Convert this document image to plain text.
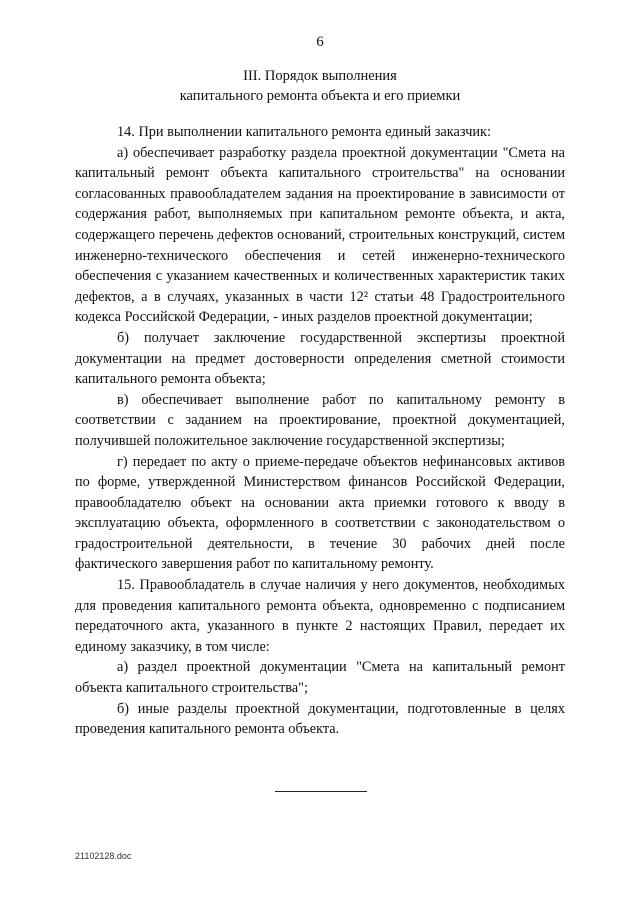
6
III. Порядок выполнения
капитального ремонта объекта и его приемки

14. При выполнении капитального ремонта единый заказчик:

а) обеспечивает разработку раздела проектной документации "Смета на капитальный ремонт объекта капитального строительства" на основании согласованных правообладателем задания на проектирование в зависимости от содержания работ, выполняемых при капитальном ремонте объекта, и акта, содержащего перечень дефектов оснований, строительных конструкций, систем инженерно-технического обеспечения и сетей инженерно-технического обеспечения с указанием качественных и количественных характеристик таких дефектов, а в случаях, указанных в части 12² статьи 48 Градостроительного кодекса Российской Федерации, - иных разделов проектной документации;

б) получает заключение государственной экспертизы проектной документации на предмет достоверности определения сметной стоимости капитального ремонта объекта;

в) обеспечивает выполнение работ по капитальному ремонту в соответствии с заданием на проектирование, проектной документацией, получившей положительное заключение государственной экспертизы;

г) передает по акту о приеме-передаче объектов нефинансовых активов по форме, утвержденной Министерством финансов Российской Федерации, правообладателю объект на основании акта приемки готового к вводу в эксплуатацию объекта, оформленного в соответствии с законодательством о градостроительной деятельности, в течение 30 рабочих дней после фактического завершения работ по капитальному ремонту.

15. Правообладатель в случае наличия у него документов, необходимых для проведения капитального ремонта объекта, одновременно с подписанием передаточного акта, указанного в пункте 2 настоящих Правил, передает их единому заказчику, в том числе:

а) раздел проектной документации "Смета на капитальный ремонт объекта капитального строительства";

б) иные разделы проектной документации, подготовленные в целях проведения капитального ремонта объекта.

21102128.doc
